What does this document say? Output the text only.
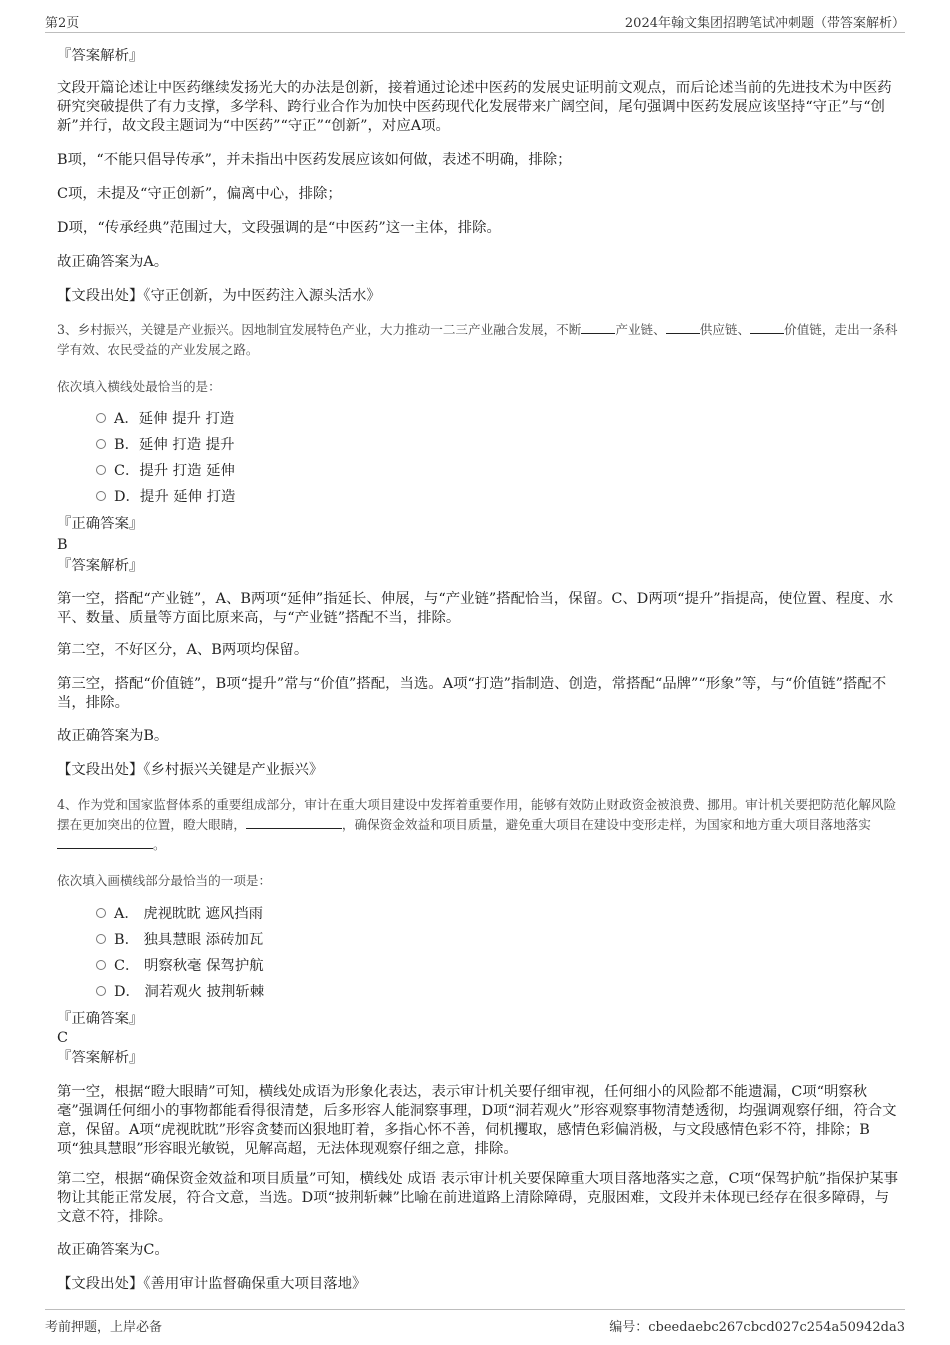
第2页	2024年翰文集团招聘笔试冲刺题（带答案解析）
『答案解析』
文段开篇论述让中医药继续发扬光大的办法是创新，接着通过论述中医药的发展史证明前文观点，而后论述当前的先进技术为中医药研究突破提供了有力支撑，多学科、跨行业合作为加快中医药现代化发展带来广阔空间，尾句强调中医药发展应该坚持“守正”与“创新”并行，故文段主题词为“中医药”“守正”“创新”，对应A项。
B项，“不能只倡导传承”，并未指出中医药发展应该如何做，表述不明确，排除；
C项，未提及“守正创新”，偏离中心，排除；
D项，“传承经典”范围过大，文段强调的是“中医药”这一主体，排除。
故正确答案为A。
【文段出处】《守正创新，为中医药注入源头活水》
3、乡村振兴，关键是产业振兴。因地制宜发展特色产业，大力推动一二三产业融合发展，不断	产业链、	供应链、	价值链，走出一条科学有效、农民受益的产业发展之路。
依次填入横线处最恰当的是：
A．延伸 提升 打造
B．延伸 打造 提升
C．提升 打造 延伸
D．提升 延伸 打造
『正确答案』
B
『答案解析』
第一空，搭配“产业链”，A、B两项“延伸”指延长、伸展，与“产业链”搭配恰当，保留。C、D两项“提升”指提高，使位置、程度、水平、数量、质量等方面比原来高，与“产业链”搭配不当，排除。
第二空，不好区分，A、B两项均保留。
第三空，搭配“价值链”，B项“提升”常与“价值”搭配，当选。A项“打造”指制造、创造，常搭配“品牌”“形象”等，与“价值链”搭配不当，排除。
故正确答案为B。
【文段出处】《乡村振兴关键是产业振兴》
4、作为党和国家监督体系的重要组成部分，审计在重大项目建设中发挥着重要作用，能够有效防止财政资金被浪费、挪用。审计机关要把防范化解风险摆在更加突出的位置，瞪大眼睛，	，确保资金效益和项目质量，避免重大项目在建设中变形走样，为国家和地方重大项目落地落实。
依次填入画横线部分最恰当的一项是：
A． 虎视眈眈 遮风挡雨
B． 独具慧眼 添砖加瓦
C． 明察秋毫 保驾护航
D． 洞若观火 披荆斩棘
『正确答案』
C
『答案解析』
第一空，根据“瞪大眼睛”可知，横线处成语为形象化表达，表示审计机关要仔细审视，任何细小的风险都不能遗漏，C项“明察秋毫”强调任何细小的事物都能看得很清楚，后多形容人能洞察事理，D项“洞若观火”形容观察事物清楚透彻，均强调观察仔细，符合文意，保留。A项“虎视眈眈”形容贪婪而凶狠地盯着，多指心怀不善，伺机攫取，感情色彩偏消极，与文段感情色彩不符，排除；B项“独具慧眼”形容眼光敏锐，见解高超，无法体现观察仔细之意，排除。
第二空，根据“确保资金效益和项目质量”可知，横线处 成语 表示审计机关要保障重大项目落地落实之意，C项“保驾护航”指保护某事物让其能正常发展，符合文意，当选。D项“披荆斩棘”比喻在前进道路上清除障碍，克服困难，文段并未体现已经存在很多障碍，与文意不符，排除。
故正确答案为C。
【文段出处】《善用审计监督确保重大项目落地》
考前押题，上岸必备	编号：cbeedaebc267cbcd027c254a50942da3
